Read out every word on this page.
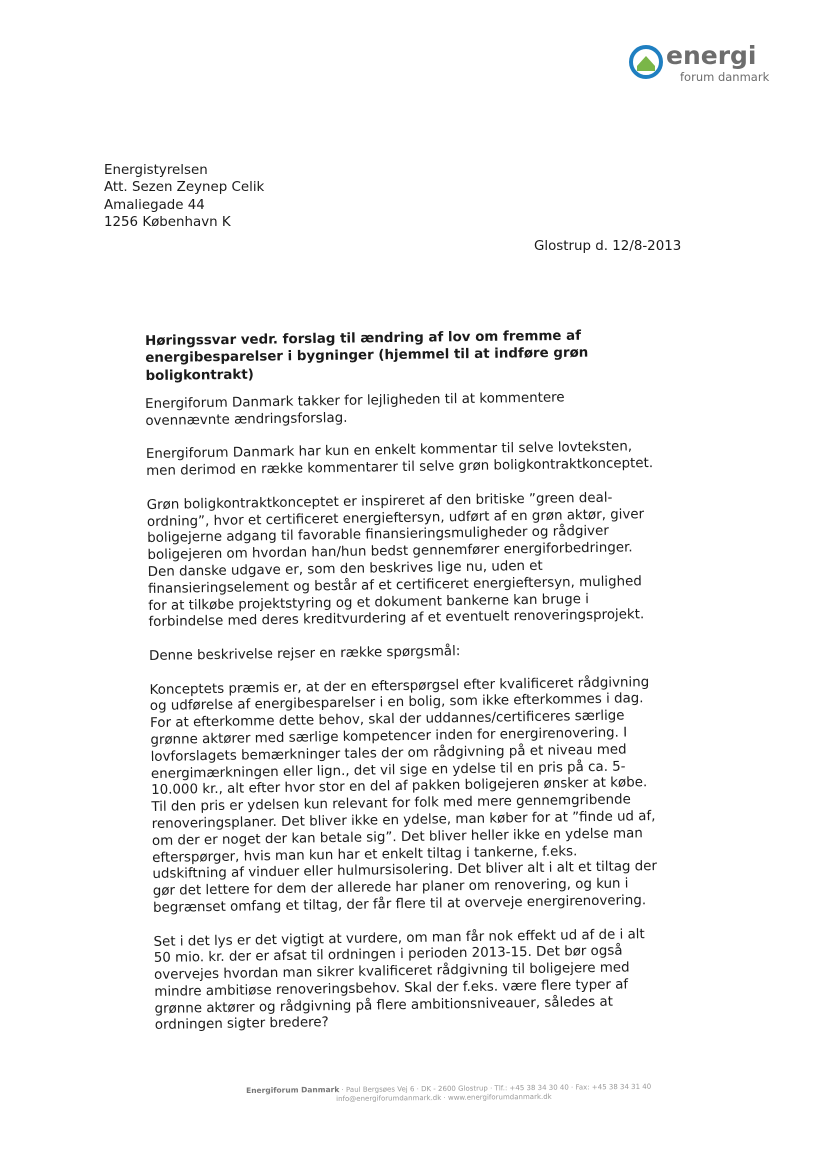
energi
forum danmark
Energistyrelsen
Att. Sezen Zeynep Celik
Amaliegade 44
1256 København K
Glostrup d. 12/8-2013
Høringssvar vedr. forslag til ændring af lov om fremme af
energibesparelser i bygninger (hjemmel til at indføre grøn
boligkontrakt)
Energiforum Danmark takker for lejligheden til at kommentere
ovennævnte ændringsforslag.
Energiforum Danmark har kun en enkelt kommentar til selve lovteksten,
men derimod en række kommentarer til selve grøn boligkontraktkonceptet.
Grøn boligkontraktkonceptet er inspireret af den britiske ”green deal-
ordning”, hvor et certificeret energieftersyn, udført af en grøn aktør, giver
boligejerne adgang til favorable finansieringsmuligheder og rådgiver
boligejeren om hvordan han/hun bedst gennemfører energiforbedringer.
Den danske udgave er, som den beskrives lige nu, uden et
finansieringselement og består af et certificeret energieftersyn, mulighed
for at tilkøbe projektstyring og et dokument bankerne kan bruge i
forbindelse med deres kreditvurdering af et eventuelt renoveringsprojekt.
Denne beskrivelse rejser en række spørgsmål:
Konceptets præmis er, at der en efterspørgsel efter kvalificeret rådgivning
og udførelse af energibesparelser i en bolig, som ikke efterkommes i dag.
For at efterkomme dette behov, skal der uddannes/certificeres særlige
grønne aktører med særlige kompetencer inden for energirenovering. I
lovforslagets bemærkninger tales der om rådgivning på et niveau med
energimærkningen eller lign., det vil sige en ydelse til en pris på ca. 5-
10.000 kr., alt efter hvor stor en del af pakken boligejeren ønsker at købe.
Til den pris er ydelsen kun relevant for folk med mere gennemgribende
renoveringsplaner. Det bliver ikke en ydelse, man køber for at ”finde ud af,
om der er noget der kan betale sig”. Det bliver heller ikke en ydelse man
efterspørger, hvis man kun har et enkelt tiltag i tankerne, f.eks.
udskiftning af vinduer eller hulmursisolering. Det bliver alt i alt et tiltag der
gør det lettere for dem der allerede har planer om renovering, og kun i
begrænset omfang et tiltag, der får flere til at overveje energirenovering.
Set i det lys er det vigtigt at vurdere, om man får nok effekt ud af de i alt
50 mio. kr. der er afsat til ordningen i perioden 2013-15. Det bør også
overvejes hvordan man sikrer kvalificeret rådgivning til boligejere med
mindre ambitiøse renoveringsbehov. Skal der f.eks. være flere typer af
grønne aktører og rådgivning på flere ambitionsniveauer, således at
ordningen sigter bredere?
Energiforum Danmark · Paul Bergsøes Vej 6 · DK - 2600 Glostrup · Tlf.: +45 38 34 30 40 · Fax: +45 38 34 31 40
info@energiforumdanmark.dk · www.energiforumdanmark.dk
